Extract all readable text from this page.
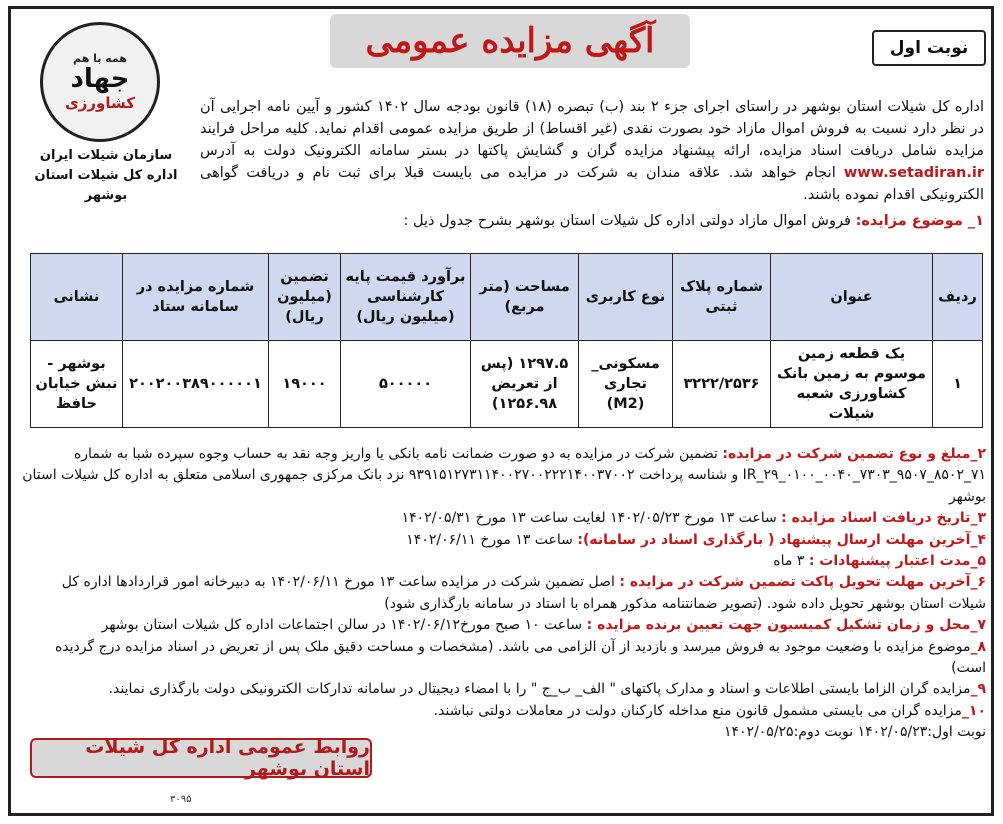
آگهی مزایده عمومی	نوبت اول
همه با هم
جهاد
کشاورزی
سازمان شیلات ایران
اداره کل شیلات استان بوشهر
اداره کل شیلات استان بوشهر در راستای اجرای جزء ۲ بند (ب) تبصره (۱۸) قانون بودجه سال ۱۴۰۲ کشور و آیین نامه اجرایی آن در نظر دارد نسبت به فروش اموال مازاد خود بصورت نقدی (غیر اقساط) از طریق مزایده عمومی اقدام نماید. کلیه مراحل فرایند مزایده شامل دریافت اسناد مزایده، ارائه پیشنهاد مزایده گران و گشایش پاکتها در بستر سامانه الکترونیک دولت به آدرس www.setadiran.ir انجام خواهد شد. علاقه مندان به شرکت در مزایده می بایست قبلا برای ثبت نام و دریافت گواهی الکترونیکی اقدام نموده باشند.
۱_ موضوع مزایده: فروش اموال مازاد دولتی اداره کل شیلات استان بوشهر بشرح جدول ذیل :
ردیف	عنوان	شماره پلاک ثبتی	نوع کاربری	مساحت (متر مربع)	برآورد قیمت پایه کارشناسی (میلیون ریال)	تضمین (میلیون ریال)	شماره مزایده در سامانه ستاد	نشانی
۱	یک قطعه زمین موسوم به زمین بانک کشاورزی شعبه شیلات	۳۲۲۲/۲۵۳۶	مسکونی_ تجاری (M2)	۱۲۹۷.۵ (پس از تعریض ۱۲۵۶.۹۸)	۵۰۰۰۰۰	۱۹۰۰۰	۲۰۰۲۰۰۳۸۹۰۰۰۰۰۱	بوشهر - نبش خیابان حافظ
۲_مبلغ و نوع تضمین شرکت در مزایده: تضمین شرکت در مزایده به دو صورت ضمانت نامه بانکی یا واریز وجه نقد به حساب وجوه سپرده شبا به شماره IR_۲۹_۰۱۰۰_۰۰۴۰_۷۳۰۳_۹۵۰۷_۸۵۰۲_۷۱ و شناسه پرداخت ۹۳۹۱۵۱۲۷۳۱۱۴۰۰۲۷۰۰۲۲۲۱۴۰۰۳۷۰۰۲ نزد بانک مرکزی جمهوری اسلامی متعلق به اداره کل شیلات استان بوشهر
۳_تاریخ دریافت اسناد مزایده : ساعت ۱۳ مورخ ۱۴۰۲/۰۵/۲۳ لغایت ساعت ۱۳ مورخ ۱۴۰۲/۰۵/۳۱
۴_آخرین مهلت ارسال پیشنهاد ( بارگذاری اسناد در سامانه): ساعت ۱۳ مورخ ۱۴۰۲/۰۶/۱۱
۵_مدت اعتبار پیشنهادات : ۳ ماه
۶_آخرین مهلت تحویل پاکت تضمین شرکت در مزایده : اصل تضمین شرکت در مزایده ساعت ۱۳ مورخ ۱۴۰۲/۰۶/۱۱ به دبیرخانه امور قراردادها اداره کل شیلات استان بوشهر تحویل داده شود. (تصویر ضمانتنامه مذکور همراه با استاد در سامانه بارگذاری شود)
۷_محل و زمان تشکیل کمیسیون جهت تعیین برنده مزایده : ساعت ۱۰ صبح مورخ۱۴۰۲/۰۶/۱۲ در سالن اجتماعات اداره کل شیلات استان بوشهر
۸_موضوع مزایده با وضعیت موجود به فروش میرسد و بازدید از آن الزامی می باشد. (مشخصات و مساحت دقیق ملک پس از تعریض در اسناد مزایده درج گردیده است)
۹_مزایده گران الزاما بایستی اطلاعات و اسناد و مدارک پاکتهای " الف_ ب_ج " را با امضاء دیجیتال در سامانه تدارکات الکترونیکی دولت بارگذاری نمایند.
۱۰_مزایده گران می بایستی مشمول قانون منع مداخله کارکنان دولت در معاملات دولتی نباشند.
نوبت اول:۱۴۰۲/۰۵/۲۳ نوبت دوم:۱۴۰۲/۰۵/۲۵
روابط عمومی اداره کل شیلات استان بوشهر
۳۰۹۵
